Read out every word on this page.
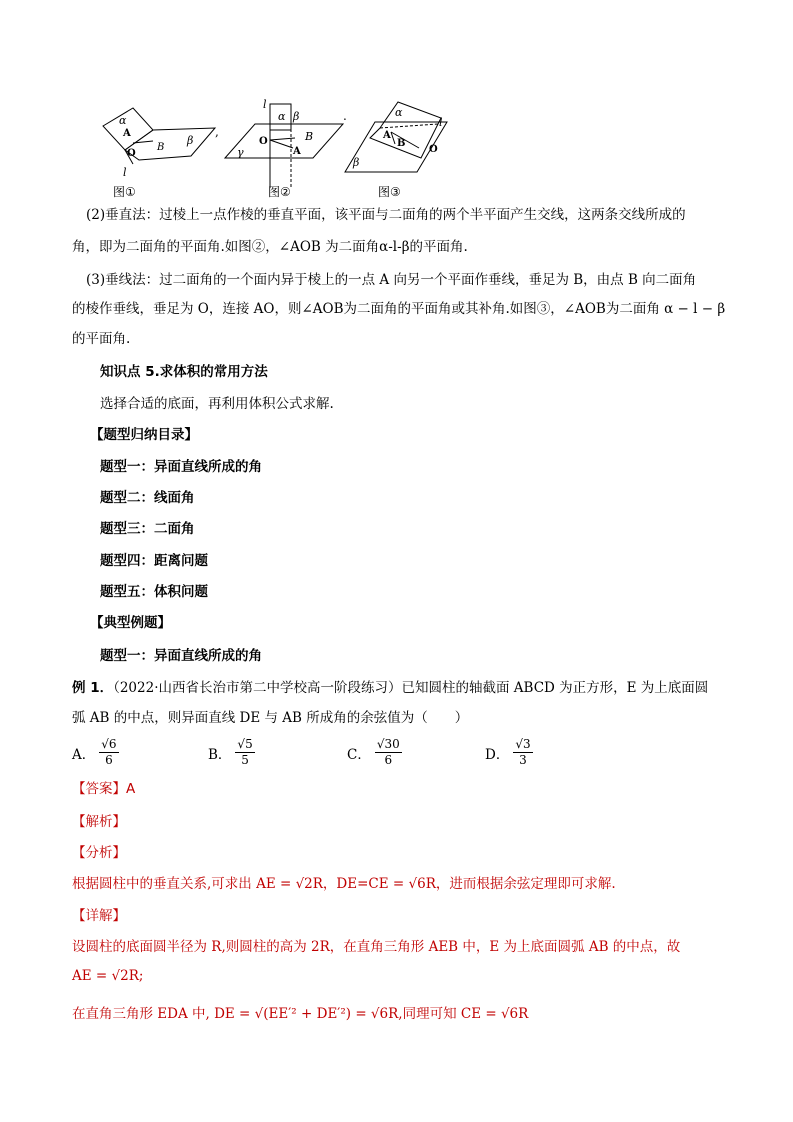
α
A
O
B
β
l
,
l
α β
O	B
γ	A
.	α
l
A
B
O
β
图①	图②	图③
(2)垂直法：过棱上一点作棱的垂直平面，该平面与二面角的两个半平面产生交线，这两条交线所成的
角，即为二面角的平面角.如图②，∠AOB 为二面角α-l-β的平面角.
(3)垂线法：过二面角的一个面内异于棱上的一点 A 向另一个平面作垂线，垂足为 B，由点 B 向二面角
的棱作垂线，垂足为 O，连接 AO，则∠AOB为二面角的平面角或其补角.如图③，∠AOB为二面角 α − l − β
的平面角.
知识点 5.求体积的常用方法
选择合适的底面，再利用体积公式求解.
【题型归纳目录】
题型一：异面直线所成的角
题型二：线面角
题型三：二面角
题型四：距离问题
题型五：体积问题
【典型例题】
题型一：异面直线所成的角
例 1．（2022·山西省长治市第二中学校高一阶段练习）已知圆柱的轴截面 ABCD 为正方形，E 为上底面圆
弧 AB 的中点，则异面直线 DE 与 AB 所成角的余弦值为（　　）
A． $\frac{√6}{6}$	B． $\frac{√5}{5}$	C． $\frac{√30}{6}$	D． $\frac{√3}{3}$
【答案】A
【解析】
【分析】
根据圆柱中的垂直关系,可求出 AE = √2R，DE=CE = √6R，进而根据余弦定理即可求解.
【详解】
设圆柱的底面圆半径为 R,则圆柱的高为 2R，在直角三角形 AEB 中，E 为上底面圆弧 AB 的中点，故
AE = √2R;
在直角三角形 EDA 中, DE = √(EE′² + DE′²) = √6R,同理可知 CE = √6R
